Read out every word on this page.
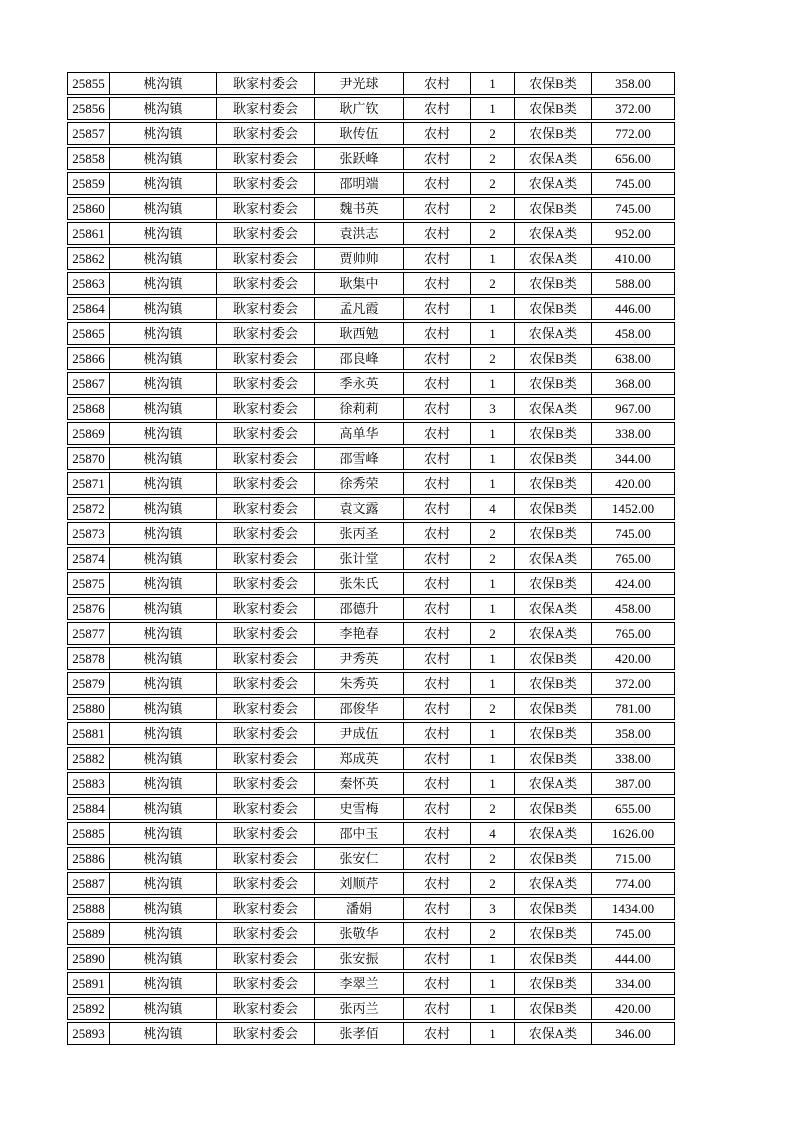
25855	桃沟镇	耿家村委会	尹光球	农村	1	农保B类	358.00
25856	桃沟镇	耿家村委会	耿广钦	农村	1	农保B类	372.00
25857	桃沟镇	耿家村委会	耿传伍	农村	2	农保B类	772.00
25858	桃沟镇	耿家村委会	张跃峰	农村	2	农保A类	656.00
25859	桃沟镇	耿家村委会	邵明端	农村	2	农保A类	745.00
25860	桃沟镇	耿家村委会	魏书英	农村	2	农保B类	745.00
25861	桃沟镇	耿家村委会	袁洪志	农村	2	农保A类	952.00
25862	桃沟镇	耿家村委会	贾帅帅	农村	1	农保A类	410.00
25863	桃沟镇	耿家村委会	耿集中	农村	2	农保B类	588.00
25864	桃沟镇	耿家村委会	孟凡霞	农村	1	农保B类	446.00
25865	桃沟镇	耿家村委会	耿西勉	农村	1	农保A类	458.00
25866	桃沟镇	耿家村委会	邵良峰	农村	2	农保B类	638.00
25867	桃沟镇	耿家村委会	季永英	农村	1	农保B类	368.00
25868	桃沟镇	耿家村委会	徐莉莉	农村	3	农保A类	967.00
25869	桃沟镇	耿家村委会	高单华	农村	1	农保B类	338.00
25870	桃沟镇	耿家村委会	邵雪峰	农村	1	农保B类	344.00
25871	桃沟镇	耿家村委会	徐秀荣	农村	1	农保B类	420.00
25872	桃沟镇	耿家村委会	袁文露	农村	4	农保B类	1452.00
25873	桃沟镇	耿家村委会	张丙圣	农村	2	农保B类	745.00
25874	桃沟镇	耿家村委会	张计堂	农村	2	农保A类	765.00
25875	桃沟镇	耿家村委会	张朱氏	农村	1	农保B类	424.00
25876	桃沟镇	耿家村委会	邵德升	农村	1	农保A类	458.00
25877	桃沟镇	耿家村委会	李艳春	农村	2	农保A类	765.00
25878	桃沟镇	耿家村委会	尹秀英	农村	1	农保B类	420.00
25879	桃沟镇	耿家村委会	朱秀英	农村	1	农保B类	372.00
25880	桃沟镇	耿家村委会	邵俊华	农村	2	农保B类	781.00
25881	桃沟镇	耿家村委会	尹成伍	农村	1	农保B类	358.00
25882	桃沟镇	耿家村委会	郑成英	农村	1	农保B类	338.00
25883	桃沟镇	耿家村委会	秦怀英	农村	1	农保A类	387.00
25884	桃沟镇	耿家村委会	史雪梅	农村	2	农保B类	655.00
25885	桃沟镇	耿家村委会	邵中玉	农村	4	农保A类	1626.00
25886	桃沟镇	耿家村委会	张安仁	农村	2	农保B类	715.00
25887	桃沟镇	耿家村委会	刘顺芹	农村	2	农保A类	774.00
25888	桃沟镇	耿家村委会	潘娟	农村	3	农保B类	1434.00
25889	桃沟镇	耿家村委会	张敬华	农村	2	农保B类	745.00
25890	桃沟镇	耿家村委会	张安振	农村	1	农保B类	444.00
25891	桃沟镇	耿家村委会	李翠兰	农村	1	农保B类	334.00
25892	桃沟镇	耿家村委会	张丙兰	农村	1	农保B类	420.00
25893	桃沟镇	耿家村委会	张孝佰	农村	1	农保A类	346.00
